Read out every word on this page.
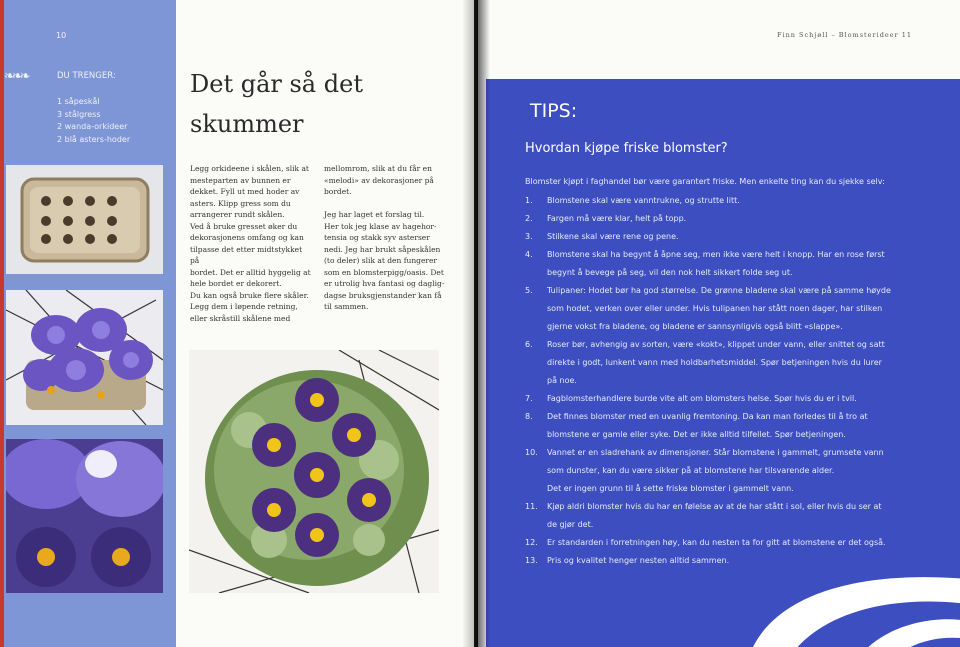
10
❧❧❧	DU TRENGER:
1 såpeskål
3 stålgress
2 wanda-orkideer
2 blå asters-hoder
Det går så det
skummer

Legg orkideene i skålen, slik at

mesteparten av bunnen er

dekket. Fyll ut med hoder av

asters. Klipp gress som du

arrangerer rundt skålen.

Ved å bruke gresset øker du

dekorasjonens omfang og kan

tilpasse det etter midtstykket på

bordet. Det er alltid hyggelig at

hele bordet er dekorert.

Du kan også bruke flere skåler.

Legg dem i løpende retning,

eller skråstill skålene med

mellomrom, slik at du får en

«melodi» av dekorasjoner på

bordet.

Jeg har laget et forslag til.

Her tok jeg klase av hagehor-

tensia og stakk syv asterser

nedi. Jeg har brukt såpeskålen

(to deler) slik at den fungerer

som en blomsterpigg/oasis. Det

er utrolig hva fantasi og daglig-

dagse bruksgjenstander kan få

til sammen.

Finn Schjøll – Blomsterideer 11
TIPS:
Hvordan kjøpe friske blomster?
Blomster kjøpt i faghandel bør være garantert friske. Men enkelte ting kan du sjekke selv:
1. Blomstene skal være vanntrukne, og strutte litt.
2. Fargen må være klar, helt på topp.
3. Stilkene skal være rene og pene.
4. Blomstene skal ha begynt å åpne seg, men ikke være helt i knopp. Har en rose først
begynt å bevege på seg, vil den nok helt sikkert folde seg ut.
5. Tulipaner: Hodet bør ha god størrelse. De grønne bladene skal være på samme høyde
som hodet, verken over eller under. Hvis tulipanen har stått noen dager, har stilken
gjerne vokst fra bladene, og bladene er sannsynligvis også blitt «slappe».
6. Roser bør, avhengig av sorten, være «kokt», klippet under vann, eller snittet og satt
direkte i godt, lunkent vann med holdbarhetsmiddel. Spør betjeningen hvis du lurer
på noe.
7. Fagblomsterhandlere burde vite alt om blomsters helse. Spør hvis du er i tvil.
8. Det finnes blomster med en uvanlig fremtoning. Da kan man forledes til å tro at
blomstene er gamle eller syke. Det er ikke alltid tilfellet. Spør betjeningen.
10. Vannet er en sladrehank av dimensjoner. Står blomstene i gammelt, grumsete vann
som dunster, kan du være sikker på at blomstene har tilsvarende alder.
Det er ingen grunn til å sette friske blomster i gammelt vann.
11. Kjøp aldri blomster hvis du har en følelse av at de har stått i sol, eller hvis du ser at
de gjør det.
12. Er standarden i forretningen høy, kan du nesten ta for gitt at blomstene er det også.
13. Pris og kvalitet henger nesten alltid sammen.
